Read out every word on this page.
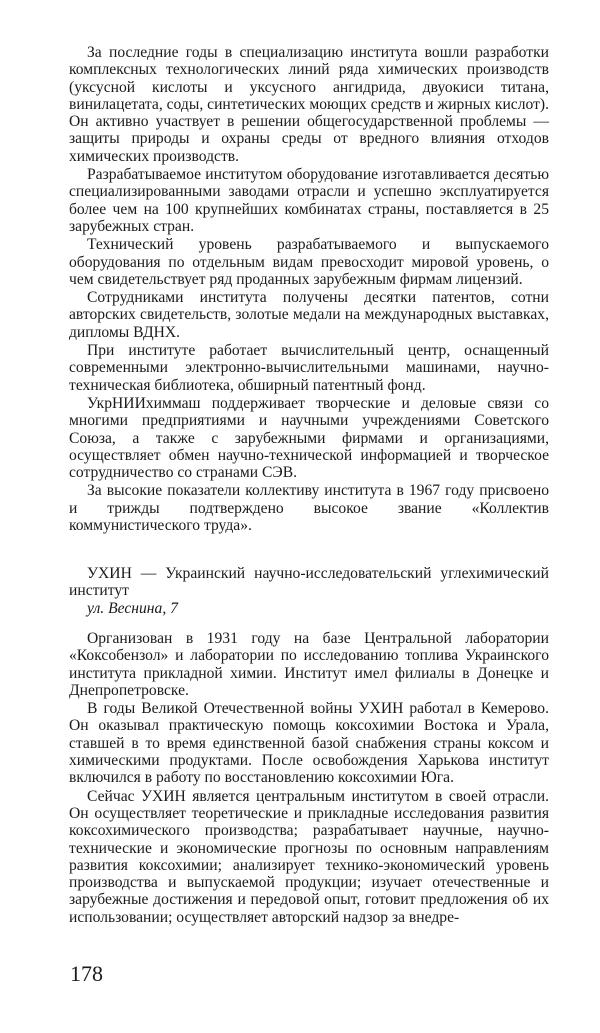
За последние годы в специализацию института вошли разработки комплексных технологических линий ряда химических производств (уксусной кислоты и уксусного ангидрида, двуокиси титана, винилацетата, соды, синтетических моющих средств и жирных кислот). Он активно участвует в решении общегосударственной проблемы — защиты природы и охраны среды от вредного влияния отходов химических производств.

Разрабатываемое институтом оборудование изготавливается десятью специализированными заводами отрасли и успешно эксплуатируется более чем на 100 крупнейших комбинатах страны, поставляется в 25 зарубежных стран.

Технический уровень разрабатываемого и выпускаемого оборудования по отдельным видам превосходит мировой уровень, о чем свидетельствует ряд проданных зарубежным фирмам лицензий.

Сотрудниками института получены десятки патентов, сотни авторских свидетельств, золотые медали на международных выставках, дипломы ВДНХ.

При институте работает вычислительный центр, оснащенный современными электронно-вычислительными машинами, научно-техническая библиотека, обширный патентный фонд.

УкрНИИхиммаш поддерживает творческие и деловые связи со многими предприятиями и научными учреждениями Советского Союза, а также с зарубежными фирмами и организациями, осуществляет обмен научно-технической информацией и творческое сотрудничество со странами СЭВ.

За высокие показатели коллективу института в 1967 году присвоено и трижды подтверждено высокое звание «Коллектив коммунистического труда».

УХИН — Украинский научно-исследовательский углехимический институт

ул. Веснина, 7

Организован в 1931 году на базе Центральной лаборатории «Коксобензол» и лаборатории по исследованию топлива Украинского института прикладной химии. Институт имел филиалы в Донецке и Днепропетровске.

В годы Великой Отечественной войны УХИН работал в Кемерово. Он оказывал практическую помощь коксохимии Востока и Урала, ставшей в то время единственной базой снабжения страны коксом и химическими продуктами. После освобождения Харькова институт включился в работу по восстановлению коксохимии Юга.

Сейчас УХИН является центральным институтом в своей отрасли. Он осуществляет теоретические и прикладные исследования развития коксохимического производства; разрабатывает научные, научно-технические и экономические прогнозы по основным направлениям развития коксохимии; анализирует технико-экономический уровень производства и выпускаемой продукции; изучает отечественные и зарубежные достижения и передовой опыт, готовит предложения об их использовании; осуществляет авторский надзор за внедре-

178
